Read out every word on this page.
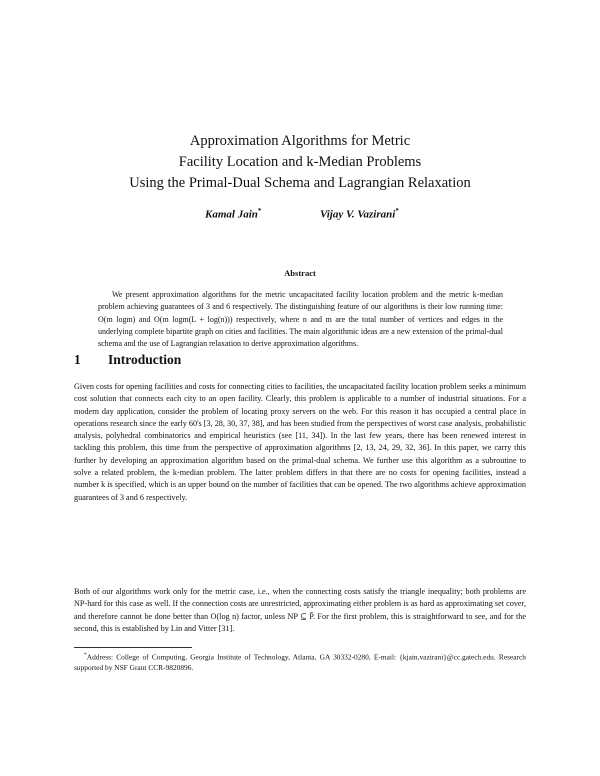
Approximation Algorithms for Metric
Facility Location and k-Median Problems
Using the Primal-Dual Schema and Lagrangian Relaxation
Kamal Jain*	Vijay V. Vazirani*
Abstract
We present approximation algorithms for the metric uncapacitated facility location problem and the metric k-median problem achieving guarantees of 3 and 6 respectively. The distinguishing feature of our algorithms is their low running time: O(m logm) and O(m logm(L + log(n))) respectively, where n and m are the total number of vertices and edges in the underlying complete bipartite graph on cities and facilities. The main algorithmic ideas are a new extension of the primal-dual schema and the use of Lagrangian relaxation to derive approximation algorithms.
1 Introduction

Given costs for opening facilities and costs for connecting cities to facilities, the uncapacitated facility location problem seeks a minimum cost solution that connects each city to an open facility. Clearly, this problem is applicable to a number of industrial situations. For a modern day application, consider the problem of locating proxy servers on the web. For this reason it has occupied a central place in operations research since the early 60's [3, 28, 30, 37, 38], and has been studied from the perspectives of worst case analysis, probabilistic analysis, polyhedral combinatorics and empirical heuristics (see [11, 34]). In the last few years, there has been renewed interest in tackling this problem, this time from the perspective of approximation algorithms [2, 13, 24, 29, 32, 36]. In this paper, we carry this further by developing an approximation algorithm based on the primal-dual schema. We further use this algorithm as a subroutine to solve a related problem, the k-median problem. The latter problem differs in that there are no costs for opening facilities, instead a number k is specified, which is an upper bound on the number of facilities that can be opened. The two algorithms achieve approximation guarantees of 3 and 6 respectively.

Both of our algorithms work only for the metric case, i.e., when the connecting costs satisfy the triangle inequality; both problems are NP-hard for this case as well. If the connection costs are unrestricted, approximating either problem is as hard as approximating set cover, and therefore cannot be done better than O(log n) factor, unless NP ⊆ P̃. For the first problem, this is straightforward to see, and for the second, this is established by Lin and Vitter [31].

*Address: College of Computing, Georgia Institute of Technology, Atlanta, GA 30332-0280, E-mail: {kjain,vazirani}@cc.gatech.edu. Research supported by NSF Grant CCR-9820896.
